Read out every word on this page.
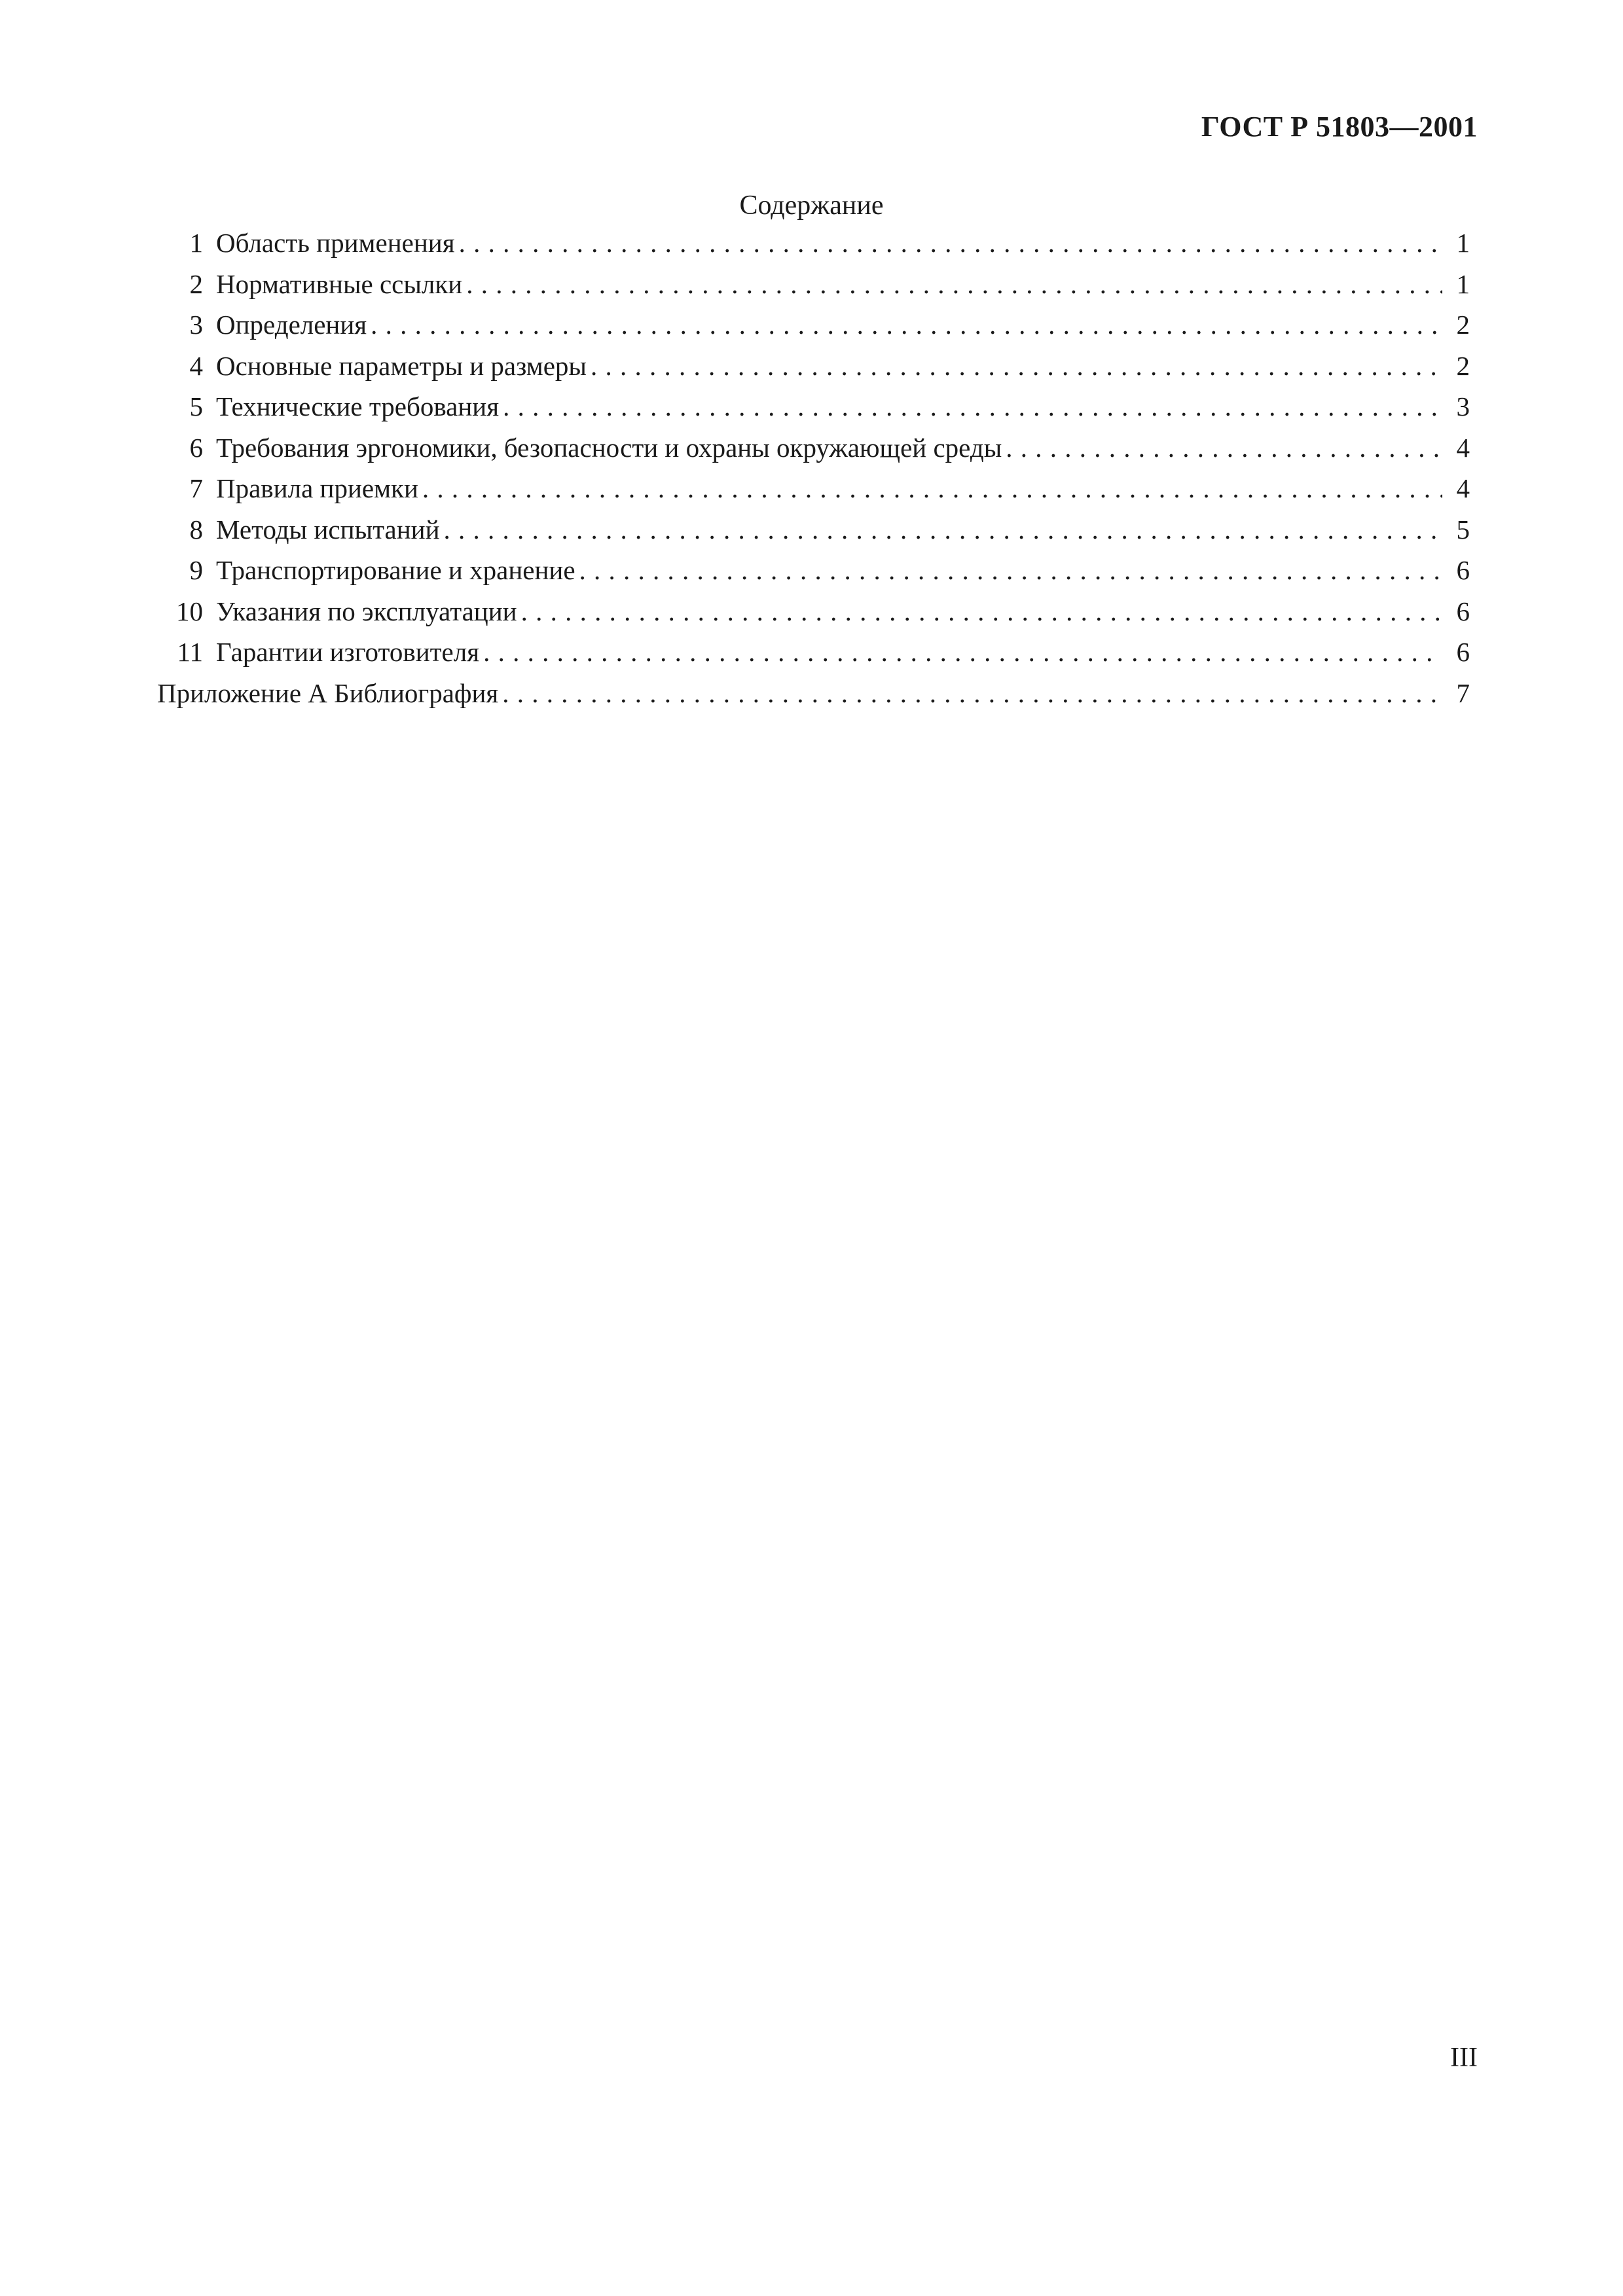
ГОСТ Р 51803—2001
Содержание
1 Область применения . . .	1
2 Нормативные ссылки . . .	1
3 Определения . . .	2
4 Основные параметры и размеры . . .	2
5 Технические требования . . .	3
6 Требования эргономики, безопасности и охраны окружающей среды . . .	4
7 Правила приемки . . .	4
8 Методы испытаний . . .	5
9 Транспортирование и хранение . . .	6
10 Указания по эксплуатации . . .	6
11 Гарантии изготовителя . . .	6
Приложение А Библиография . . .	7
III
